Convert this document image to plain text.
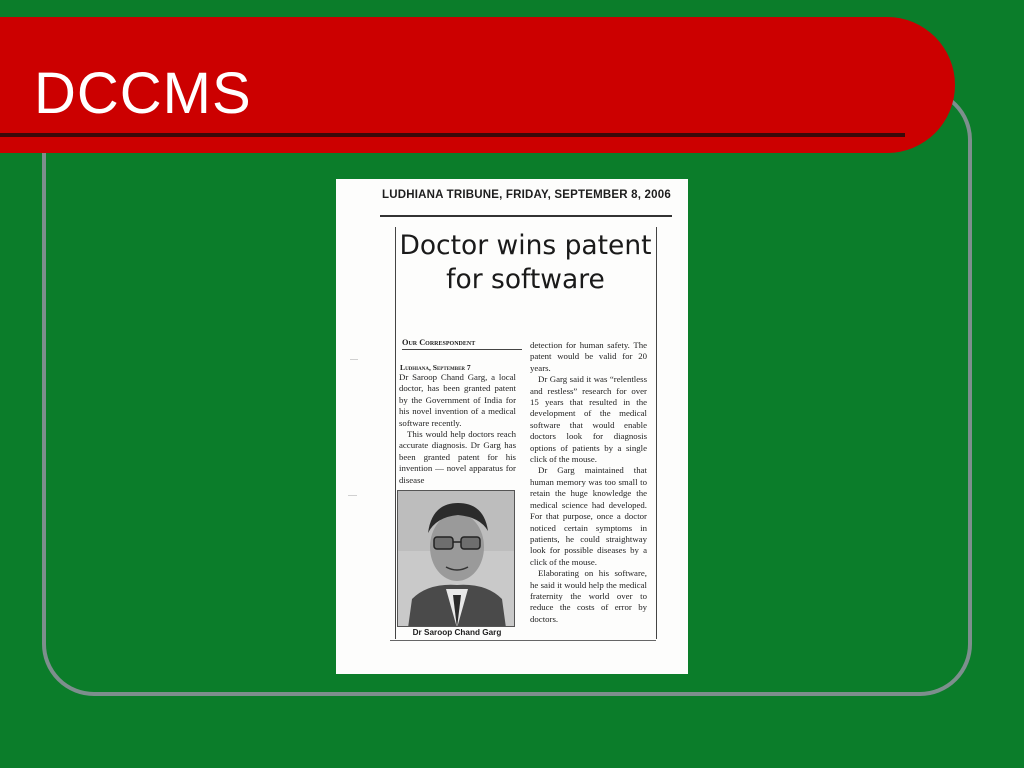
DCCMS

LUDHIANA TRIBUNE, FRIDAY, SEPTEMBER 8, 2006

Doctor wins patent for software

Our Correspondent

Ludhiana, September 7

Dr Saroop Chand Garg, a local doctor, has been granted patent by the Government of India for his novel invention of a medical software recently.

This would help doctors reach accurate diagnosis. Dr Garg has been granted patent for his invention — novel apparatus for disease

Dr Saroop Chand Garg

detection for human safety. The patent would be valid for 20 years.

Dr Garg said it was “relentless and restless” research for over 15 years that resulted in the development of the medical software that would enable doctors look for diagnosis options of patients by a single click of the mouse.

Dr Garg maintained that human memory was too small to retain the huge knowledge the medical science had developed. For that purpose, once a doctor noticed certain symptoms in patients, he could straightway look for possible diseases by a click of the mouse.

Elaborating on his software, he said it would help the medical fraternity the world over to reduce the costs of error by doctors.
